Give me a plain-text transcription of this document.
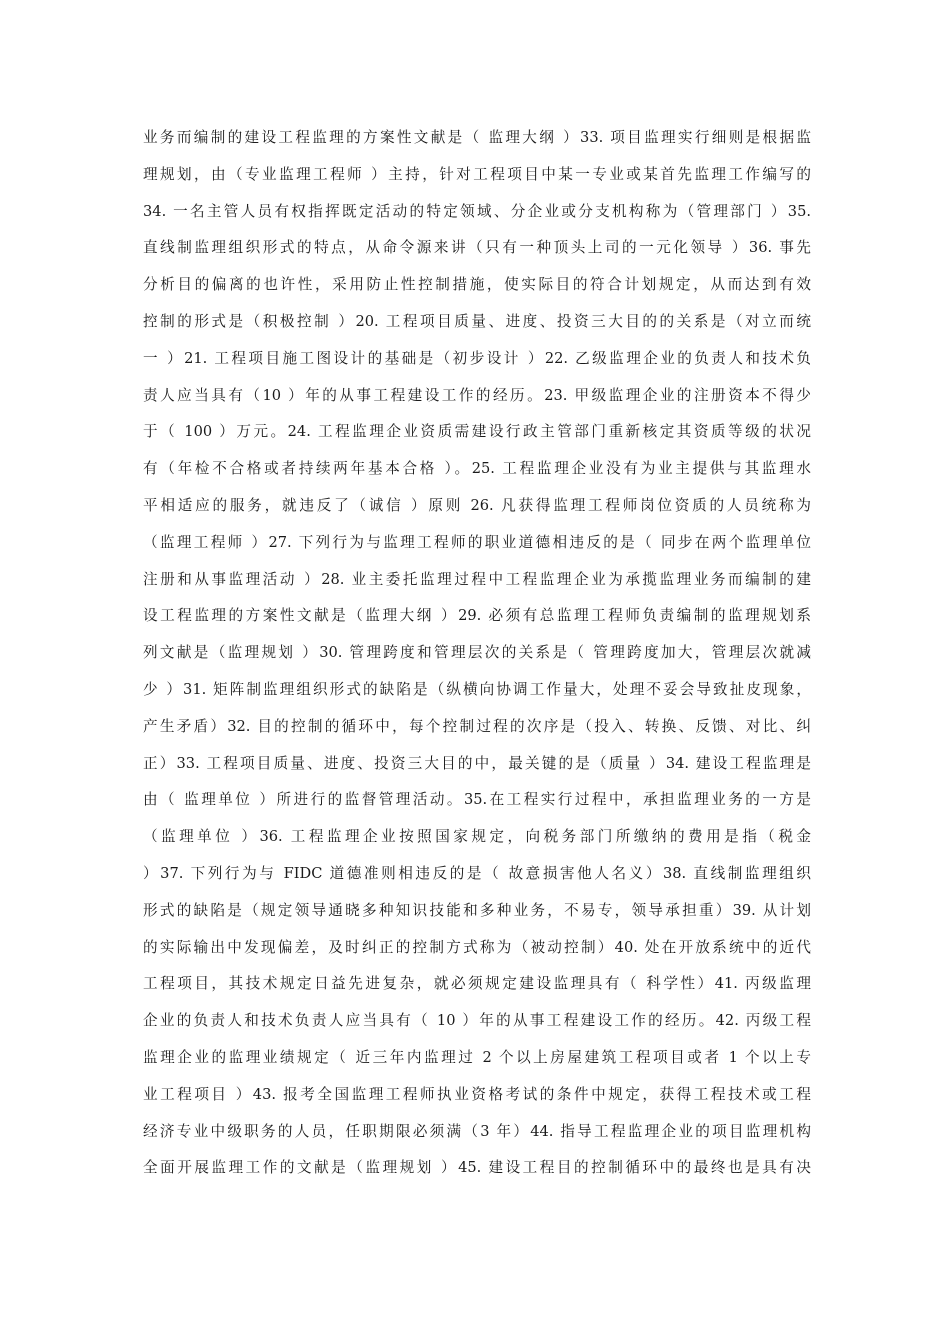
业务而编制的建设工程监理的方案性文献是（ 监理大纲 ）33. 项目监理实行细则是根据监
理规划，由（专业监理工程师 ）主持，针对工程项目中某一专业或某首先监理工作编写的
34. 一名主管人员有权指挥既定活动的特定领域、分企业或分支机构称为（管理部门 ）35.
直线制监理组织形式的特点，从命令源来讲（只有一种顶头上司的一元化领导 ）36. 事先
分析目的偏离的也许性，采用防止性控制措施，使实际目的符合计划规定，从而达到有效
控制的形式是（积极控制 ）20. 工程项目质量、进度、投资三大目的的关系是（对立而统
一 ）21. 工程项目施工图设计的基础是（初步设计 ）22. 乙级监理企业的负责人和技术负
责人应当具有（10 ）年的从事工程建设工作的经历。23. 甲级监理企业的注册资本不得少
于（ 100 ）万元。24. 工程监理企业资质需建设行政主管部门重新核定其资质等级的状况
有（年检不合格或者持续两年基本合格 ）。25. 工程监理企业没有为业主提供与其监理水
平相适应的服务，就违反了（诚信 ）原则 26. 凡获得监理工程师岗位资质的人员统称为
（监理工程师 ）27. 下列行为与监理工程师的职业道德相违反的是（ 同步在两个监理单位
注册和从事监理活动 ）28. 业主委托监理过程中工程监理企业为承揽监理业务而编制的建
设工程监理的方案性文献是（监理大纲 ）29. 必须有总监理工程师负责编制的监理规划系
列文献是（监理规划 ）30. 管理跨度和管理层次的关系是（ 管理跨度加大，管理层次就减
少 ）31. 矩阵制监理组织形式的缺陷是（纵横向协调工作量大，处理不妥会导致扯皮现象，
产生矛盾）32. 目的控制的循环中，每个控制过程的次序是（投入、转换、反馈、对比、纠
正）33. 工程项目质量、进度、投资三大目的中，最关键的是（质量 ）34. 建设工程监理是
由（ 监理单位 ）所进行的监督管理活动。35.在工程实行过程中，承担监理业务的一方是
（监理单位 ）36. 工程监理企业按照国家规定，向税务部门所缴纳的费用是指（税金
）37. 下列行为与 FIDC 道德准则相违反的是（ 故意损害他人名义）38. 直线制监理组织
形式的缺陷是（规定领导通晓多种知识技能和多种业务，不易专，领导承担重）39. 从计划
的实际输出中发现偏差，及时纠正的控制方式称为（被动控制）40. 处在开放系统中的近代
工程项目，其技术规定日益先进复杂，就必须规定建设监理具有（ 科学性）41. 丙级监理
企业的负责人和技术负责人应当具有（ 10 ）年的从事工程建设工作的经历。42. 丙级工程
监理企业的监理业绩规定（ 近三年内监理过 2 个以上房屋建筑工程项目或者 1 个以上专
业工程项目 ）43. 报考全国监理工程师执业资格考试的条件中规定，获得工程技术或工程
经济专业中级职务的人员，任职期限必须满（3 年）44. 指导工程监理企业的项目监理机构
全面开展监理工作的文献是（监理规划 ）45. 建设工程目的控制循环中的最终也是具有决
